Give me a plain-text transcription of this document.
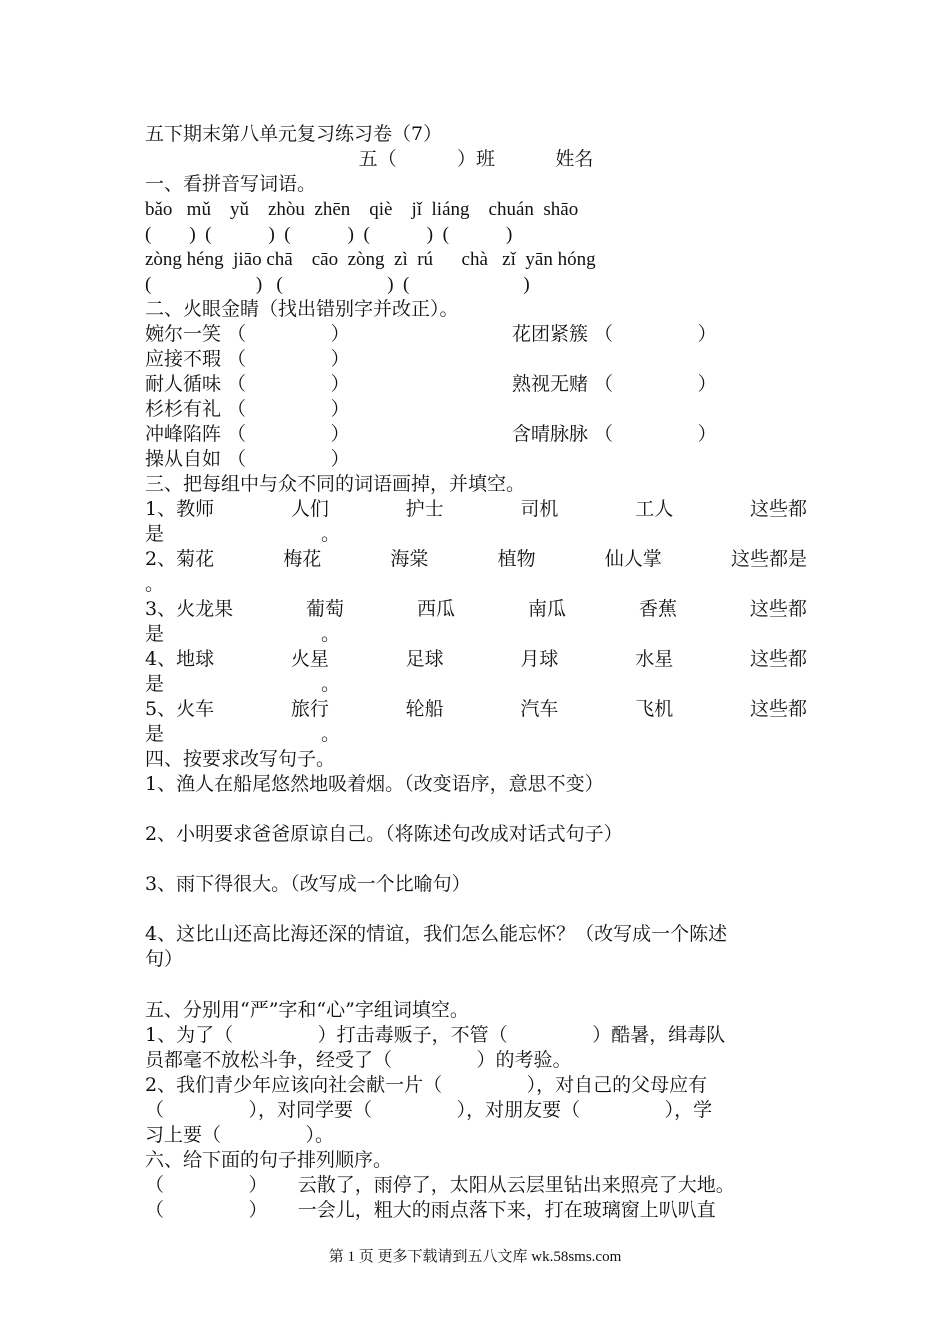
五下期末第八单元复习练习卷（7）
五（          ）班          姓名
一、看拼音写词语。
bǎo   mǔ    yǔ    zhòu  zhēn    qiè    jǐ  liáng    chuán  shāo
(        )  (            )  (            )  (            )  (            )
zòng héng  jiāo chā    cāo  zòng  zì  rú      chà   zǐ  yān hóng
(                      )   (                      )  (                        )
二、火眼金睛（找出错别字并改正）。
婉尔一笑 （              ）	花团紧簇 （              ）
应接不瑕 （              ）
耐人循味 （              ）	熟视无赌 （              ）
杉杉有礼 （              ）
冲峰陷阵 （              ）	含晴脉脉 （              ）
操从自如 （              ）
三、把每组中与众不同的词语画掉，并填空。
1、教师	人们	护士	司机	工人	这些都
是                          。
2、菊花	梅花	海棠	植物	仙人掌	这些都是
。
3、火龙果	葡萄	西瓜	南瓜	香蕉	这些都
是                          。
4、地球	火星	足球	月球	水星	这些都
是                          。
5、火车	旅行	轮船	汽车	飞机	这些都
是                          。
四、按要求改写句子。
1、渔人在船尾悠然地吸着烟。（改变语序，意思不变）
2、小明要求爸爸原谅自己。（将陈述句改成对话式句子）
3、雨下得很大。（改写成一个比喻句）
4、这比山还高比海还深的情谊，我们怎么能忘怀？（改写成一个陈述
句）
五、分别用“严”字和“心”字组词填空。
1、为了（              ）打击毒贩子，不管（              ）酷暑，缉毒队
员都毫不放松斗争，经受了（              ）的考验。
2、我们青少年应该向社会献一片（              ），对自己的父母应有
（              ），对同学要（              ），对朋友要（              ），学
习上要（              ）。
六、给下面的句子排列顺序。
（              ）     云散了，雨停了，太阳从云层里钻出来照亮了大地。
（              ）     一会儿，粗大的雨点落下来，打在玻璃窗上叭叭直
第 1 页 更多下载请到五八文库 wk.58sms.com
